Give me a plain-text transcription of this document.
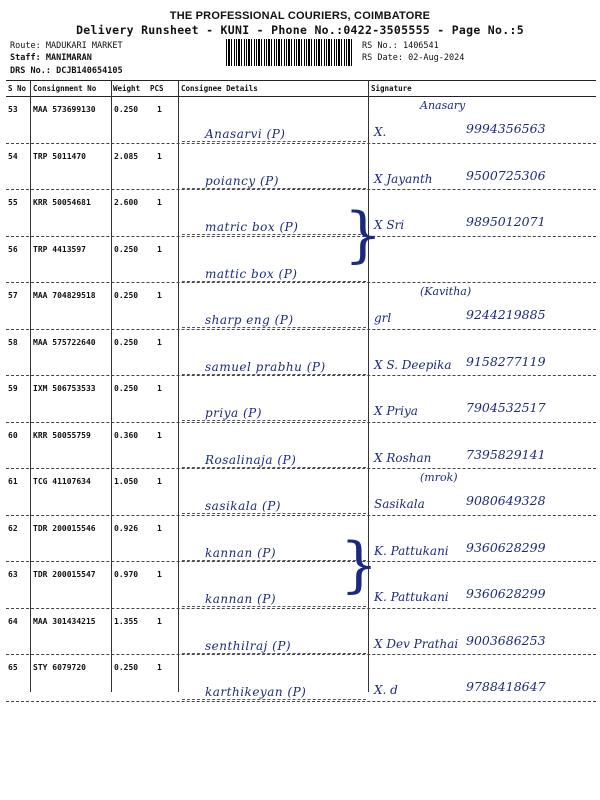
THE PROFESSIONAL COURIERS, COIMBATORE
Delivery Runsheet - KUNI - Phone No.:0422-3505555 - Page No.:5
Route: MADUKARI MARKET
Staff: MANIMARAN
DRS No.: DCJB140654105
RS No.: 1406541
RS Date: 02-Aug-2024
S No Consignment No Weight PCS Consignee Details	Signature
53 MAA 573699130 0.250 1
Anasarvi (P)	X.	9994356563
Anasary
54 TRP 5011470	2.085 1
poiancy (P)	X Jayanth	9500725306
55 KRR 50054681	2.600 1
matric box (P)	X Sri	9895012071
56 TRP 4413597	0.250 1
mattic box (P)
57 MAA 704829518 0.250 1
sharp eng (P)	grl	9244219885
(Kavitha)
58 MAA 575722640 0.250 1
samuel prabhu (P)	X S. Deepika 9158277119
59 IXM 506753533 0.250 1
priya (P)	X Priya	7904532517
60 KRR 50055759	0.360 1
Rosalinaja (P)	X Roshan	7395829141
61 TCG 41107634	1.050 1
sasikala (P)	Sasikala	9080649328
(mrok)
62 TDR 200015546 0.926 1
kannan (P)	K. Pattukani 9360628299
63 TDR 200015547 0.970 1
kannan (P)	K. Pattukani 9360628299
64 MAA 301434215 1.355 1
senthilraj (P)	X Dev Prathai 9003686253
65 STY 6079720	0.250 1
karthikeyan (P)	X. d	9788418647
}
}
